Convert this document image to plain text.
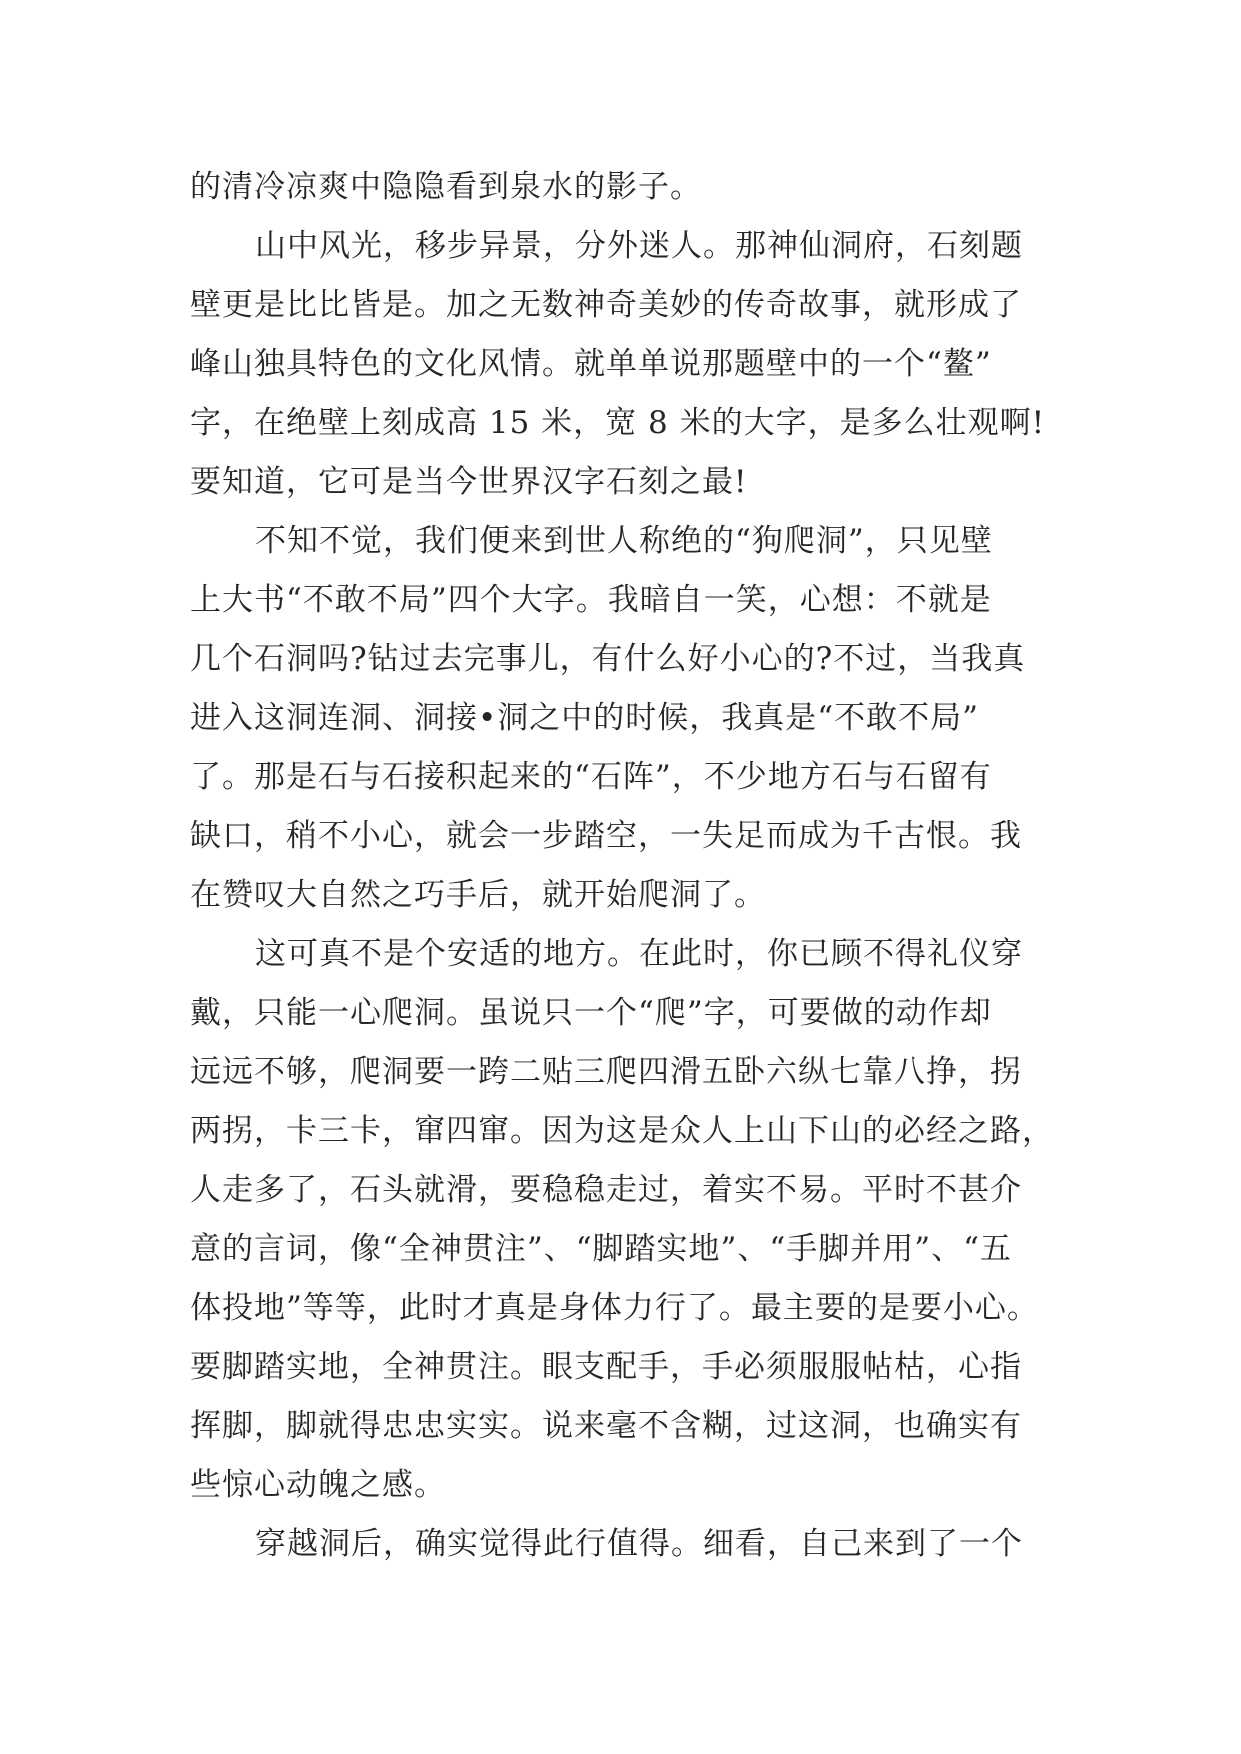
的清冷凉爽中隐隐看到泉水的影子。
山中风光，移步异景，分外迷人。那神仙洞府，石刻题
壁更是比比皆是。加之无数神奇美妙的传奇故事，就形成了
峰山独具特色的文化风情。就单单说那题壁中的一个“鳌”
字，在绝壁上刻成高 15 米，宽 8 米的大字，是多么壮观啊!
要知道，它可是当今世界汉字石刻之最!
不知不觉，我们便来到世人称绝的“狗爬洞”，只见壁
上大书“不敢不局”四个大字。我暗自一笑，心想：不就是
几个石洞吗?钻过去完事儿，有什么好小心的?不过，当我真
进入这洞连洞、洞接•洞之中的时候，我真是“不敢不局”
了。那是石与石接积起来的“石阵”，不少地方石与石留有
缺口，稍不小心，就会一步踏空，一失足而成为千古恨。我
在赞叹大自然之巧手后，就开始爬洞了。
这可真不是个安适的地方。在此时，你已顾不得礼仪穿
戴，只能一心爬洞。虽说只一个“爬”字，可要做的动作却
远远不够，爬洞要一跨二贴三爬四滑五卧六纵七靠八挣，拐
两拐，卡三卡，窜四窜。因为这是众人上山下山的必经之路，
人走多了，石头就滑，要稳稳走过，着实不易。平时不甚介
意的言词，像“全神贯注”、“脚踏实地”、“手脚并用”、“五
体投地”等等，此时才真是身体力行了。最主要的是要小心。
要脚踏实地，全神贯注。眼支配手，手必须服服帖枯，心指
挥脚，脚就得忠忠实实。说来毫不含糊，过这洞，也确实有
些惊心动魄之感。
穿越洞后，确实觉得此行值得。细看，自己来到了一个
